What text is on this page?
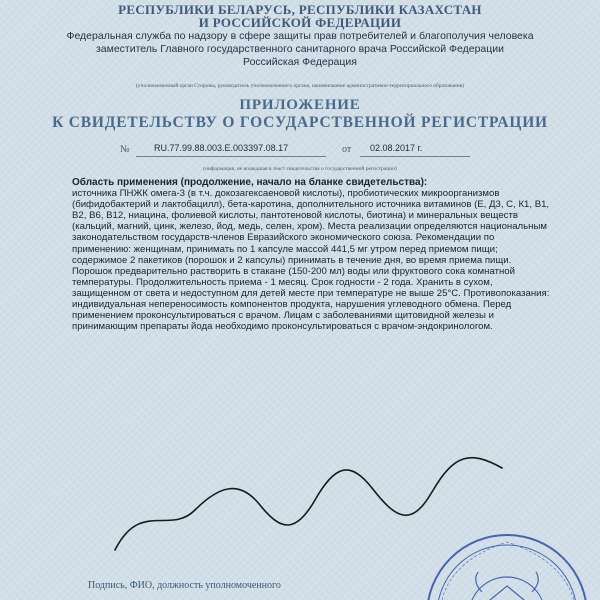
РЕСПУБЛИКИ БЕЛАРУСЬ, РЕСПУБЛИКИ КАЗАХСТАН
И РОССИЙСКОЙ ФЕДЕРАЦИИ
Федеральная служба по надзору в сфере защиты прав потребителей и благополучия человека
заместитель Главного государственного санитарного врача Российской Федерации
Российская Федерация
(уполномоченный орган Стороны, руководитель уполномоченного органа, наименование административно-территориального образования)
ПРИЛОЖЕНИЕ
К СВИДЕТЕЛЬСТВУ О ГОСУДАРСТВЕННОЙ РЕГИСТРАЦИИ
№	RU.77.99.88.003.Е.003397.08.17	от 02.08.2017 г.
(информация, не вошедшая в текст свидетельства о государственной регистрации)

Область применения (продолжение, начало на бланке свидетельства):

источника ПНЖК омега-3 (в т.ч. докозагексаеновой кислоты), пробиотических микроорганизмов (бифидобактерий и лактобацилл), бета-каротина, дополнительного источника витаминов (Е, Д3, С, К1, В1, В2, В6, В12, ниацина, фолиевой кислоты, пантотеновой кислоты, биотина) и минеральных веществ (кальций, магний, цинк, железо, йод, медь, селен, хром). Места реализации определяются национальным законодательством государств-членов Евразийского экономического союза. Рекомендации по применению: женщинам, принимать по 1 капсуле массой 441,5 мг утром перед приемом пищи; содержимое 2 пакетиков (порошок и 2 капсулы) принимать в течение дня, во время приема пищи. Порошок предварительно растворить в стакане (150-200 мл) воды или фруктового сока комнатной температуры. Продолжительность приема - 1 месяц. Срок годности - 2 года. Хранить в сухом, защищенном от света и недоступном для детей месте при температуре не выше 25°С. Противопоказания: индивидуальная непереносимость компонентов продукта, нарушения углеводного обмена. Перед применением проконсультироваться с врачом. Лицам с заболеваниями щитовидной железы и принимающим препараты йода необходимо проконсультироваться с врачом-эндокринологом.

Подпись, ФИО, должность уполномоченного
